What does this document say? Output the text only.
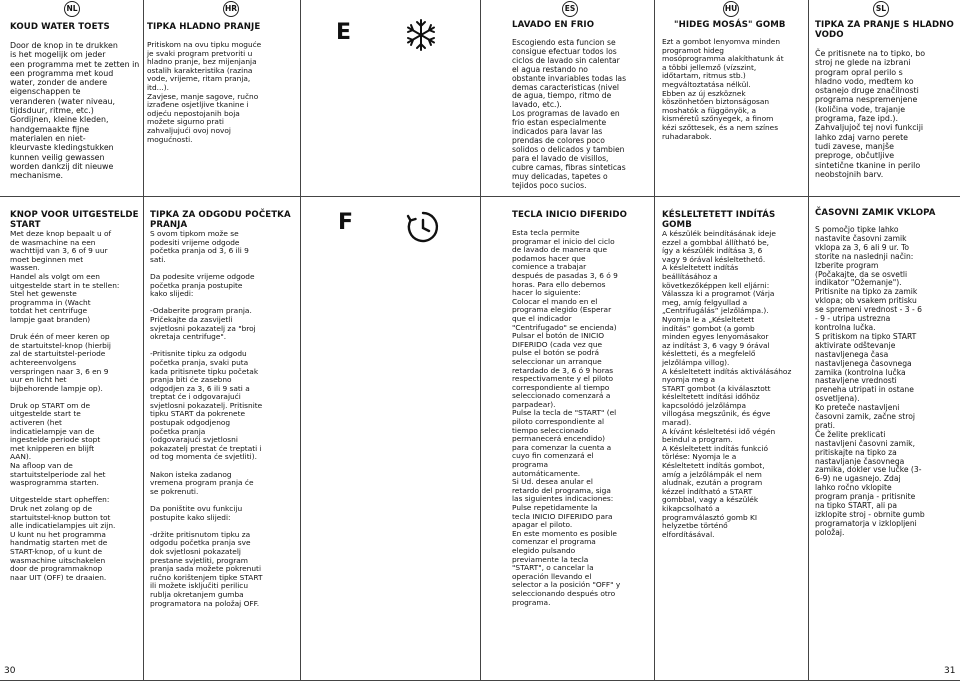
NL	HR	ES	HU	SL
E
F
30	31
KOUD WATER TOETS
Door de knop in te drukken
is het mogelijk om jeder
een programma met te zetten in
een programma met koud
water, zonder de andere
eigenschappen te
veranderen (water niveau,
tijdsduur, ritme, etc.)
Gordijnen, kleine kleden,
handgemaakte fijne
materialen en niet-
kleurvaste kledingstukken
kunnen veilig gewassen
worden dankzij dit nieuwe
mechanisme.
TIPKA HLADNO PRANJE
Pritiskom na ovu tipku moguće
je svaki program pretvoriti u
hladno pranje, bez mijenjanja
ostalih karakteristika (razina
vode, vrijeme, ritam pranja,
itd...).
Zavjese, manje sagove, ručno
izrađene osjetljive tkanine i
odjeću nepostojanih boja
možete sigurno prati
zahvaljujući ovoj novoj
mogućnosti.
LAVADO EN FRIO
Escogiendo esta funcion se
consigue efectuar todos los
ciclos de lavado sin calentar
el agua restando no
obstante invariables todas las
demas caracteristicas (nivel
de agua, tiempo, ritmo de
lavado, etc.).
Los programas de lavado en
frio estan especialmente
indicados para lavar las
prendas de colores poco
solidos o delicados y tambien
para el lavado de visillos,
cubre camas, fibras sinteticas
muy delicadas, tapetes o
tejidos poco sucios.
"HIDEG MOSÁS" GOMB
Ezt a gombot lenyomva minden
programot hideg
mosóprogramma alakíthatunk át
a többi jellemző (vízszint,
időtartam, ritmus stb.)
megváltoztatása nélkül.
Ebben az új eszköznek
köszönhetően biztonságosan
moshatók a függönyök, a
kisméretű szőnyegek, a finom
kézi szőttesek, és a nem színes
ruhadarabok.
TIPKA ZA PRANJE S HLADNO
VODO
Če pritisnete na to tipko, bo
stroj ne glede na izbrani
program opral perilo s
hladno vodo, medtem ko
ostanejo druge značilnosti
programa nespremenjene
(količina vode, trajanje
programa, faze ipd.).
Zahvaljujoč tej novi funkciji
lahko zdaj varno perete
tudi zavese, manjše
preproge, občutljive
sintetične tkanine in perilo
neobstojnih barv.
KNOP VOOR UITGESTELDE
START
Met deze knop bepaalt u of
de wasmachine na een
wachttijd van 3, 6 of 9 uur
moet beginnen met
wassen.
Handel als volgt om een
uitgestelde start in te stellen:
Stel het gewenste
programma in (Wacht
totdat het centrifuge
lampje gaat branden)

Druk één of meer keren op
de startuitstel-knop (hierbij
zal de startuitstel-periode
achtereenvolgens
verspringen naar 3, 6 en 9
uur en licht het
bijbehorende lampje op).

Druk op START om de
uitgestelde start te
activeren (het
indicatielampje van de
ingestelde periode stopt
met knipperen en blijft
AAN).
Na afloop van de
startuitstelperiode zal het
wasprogramma starten.

Uitgestelde start opheffen:
Druk net zolang op de
startuitstel-knop button tot
alle indicatielampjes uit zijn.
U kunt nu het programma
handmatig starten met de
START-knop, of u kunt de
wasmachine uitschakelen
door de programmaknop
naar UIT (OFF) te draaien.
TIPKA ZA ODGODU POČETKA
PRANJA
S ovom tipkom može se
podesiti vrijeme odgode
početka pranja od 3, 6 ili 9
sati.

Da podesite vrijeme odgode
početka pranja postupite
kako slijedi:

-Odaberite program pranja.
Pričekajte da zasvijetli
svjetlosni pokazatelj za "broj
okretaja centrifuge".

-Pritisnite tipku za odgodu
početka pranja, svaki puta
kada pritisnete tipku početak
pranja biti će zasebno
odgodjen za 3, 6 ili 9 sati a
treptat će i odgovarajući
svjetlosni pokazatelj. Pritisnite
tipku START da pokrenete
postupak odgodjenog
početka pranja
(odgovarajući svjetlosni
pokazatelj prestat će treptati i
od tog momenta će svjetliti).

Nakon isteka zadanog
vremena program pranja će
se pokrenuti.

Da poništite ovu funkciju
postupite kako slijedi:

-držite pritisnutom tipku za
odgodu početka pranja sve
dok svjetlosni pokazatelj
prestane svjetliti, program
pranja sada možete pokrenuti
ručno korištenjem tipke START
ili možete isključiti perilicu
rublja okretanjem gumba
programatora na položaj OFF.
TECLA INICIO DIFERIDO
Esta tecla permite
programar el inicio del ciclo
de lavado de manera que
podamos hacer que
comience a trabajar
después de pasadas 3, 6 ó 9
horas. Para ello debemos
hacer lo siguiente:
Colocar el mando en el
programa elegido (Esperar
que el indicador
"Centrifugado" se encienda)
Pulsar el botón de INICIO
DIFERIDO (cada vez que
pulse el botón se podrá
seleccionar un arranque
retardado de 3, 6 ó 9 horas
respectivamente y el piloto
correspondiente al tiempo
seleccionado comenzará a
parpadear).
Pulse la tecla de "START" (el
piloto correspondiente al
tiempo seleccionado
permanecerá encendido)
para comenzar la cuenta a
cuyo fin comenzará el
programa
automáticamente.
Si Ud. desea anular el
retardo del programa, siga
las siguientes indicaciones:
Pulse repetidamente la
tecla INICIO DIFERIDO para
apagar el piloto.
En este momento es posible
comenzar el programa
elegido pulsando
previamente la tecla
"START", o cancelar la
operación llevando el
selector a la posición "OFF" y
seleccionando después otro
programa.
KÉSLELTETETT INDÍTÁS
GOMB
A készülék beindításának ideje
ezzel a gombbal állítható be,
így a készülék indítása 3, 6
vagy 9 órával késleltethető.
A késleltetett indítás
beállításához a
következőképpen kell eljárni:
Válassza ki a programot (Várja
meg, amíg felgyullad a
„Centrifugálás” jelzőlámpa.).
Nyomja le a „Késleltetett
indítás” gombot (a gomb
minden egyes lenyomásakor
az indítást 3, 6 vagy 9 órával
késletteti, és a megfelelő
jelzőlámpa villog).
A késleltetett indítás aktiválásához
nyomja meg a
START gombot (a kiválasztott
késleltetett indítási időhöz
kapcsolódó jelzőlámpa
villogása megszűnik, és égve
marad).
A kívánt késleltetési idő végén
beindul a program.
A Késleltetett indítás funkció
törlése: Nyomja le a
Késleltetett indítás gombot,
amíg a jelzőlámpák el nem
aludnak, ezután a program
kézzel indítható a START
gombbal, vagy a készülék
kikapcsolható a
programválasztó gomb KI
helyzetbe történő
elfordításával.
ČASOVNI ZAMIK VKLOPA
S pomočjo tipke lahko
nastavite časovni zamik
vklopa za 3, 6 ali 9 ur. To
storite na naslednji način:
Izberite program
(Počakajte, da se osvetli
indikator "Ožemanje").
Pritisnite na tipko za zamik
vklopa; ob vsakem pritisku
se spremeni vrednost - 3 - 6
- 9 - utripa ustrezna
kontrolna lučka.
S pritiskom na tipko START
aktivirate odštevanje
nastavljenega časa
nastavljenega časovnega
zamika (kontrolna lučka
nastavljene vrednosti
preneha utripati in ostane
osvetljena).
Ko preteče nastavljeni
časovni zamik, začne stroj
prati.
Če želite preklicati
nastavljeni časovni zamik,
pritiskajte na tipko za
nastavljanje časovnega
zamika, dokler vse lučke (3-
6-9) ne ugasnejo. Zdaj
lahko ročno vklopite
program pranja - pritisnite
na tipko START, ali pa
izklopite stroj - obrnite gumb
programatorja v izklopljeni
položaj.
